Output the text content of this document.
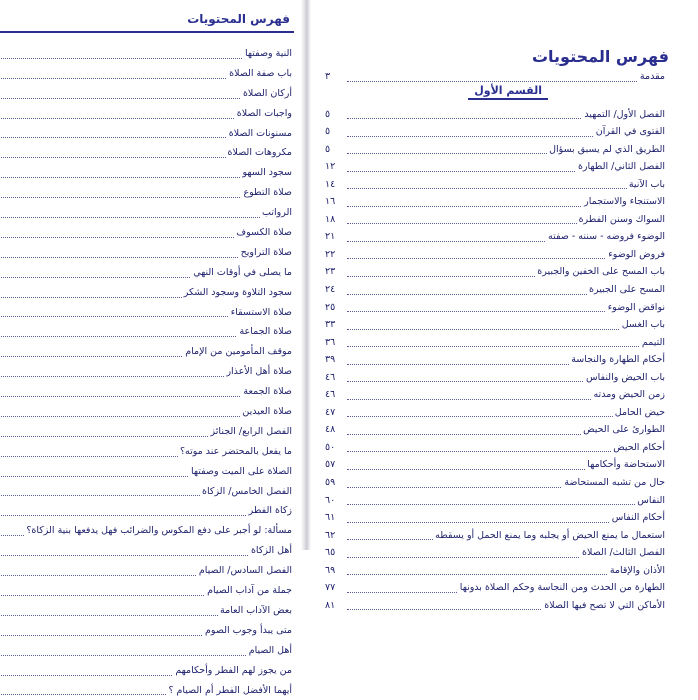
فهرس المحتويات
النية وصفتها
باب صفة الصلاة
أركان الصلاة
واجبات الصلاة
مسنونات الصلاة
مكروهات الصلاة
سجود السهو
صلاة التطوع
الرواتب
صلاة الكسوف
صلاة التراويح
ما يصلى في أوقات النهي
سجود التلاوة وسجود الشكر
صلاة الاستسقاء
صلاة الجماعة
موقف المأمومين من الإمام
صلاة أهل الأعذار
صلاة الجمعة
صلاة العيدين
الفصل الرابع/ الجنائز
ما يفعل بالمحتضر عند موته؟
الصلاة على الميت وصفتها
الفصل الخامس/ الزكاة
زكاة الفطر
مسألة: لو أجبر على دفع المكوس والضرائب فهل يدفعها بنية الزكاة؟
أهل الزكاة
الفصل السادس/ الصيام
جملة من آداب الصيام
بعض الآداب العامة
متى يبدأ وجوب الصوم
أهل الصيام
من يجوز لهم الفطر وأحكامهم
أيهما الأفضل الفطر أم الصيام ؟
فهرس المحتويات
مقدمة
٣
الفصل الأول/ التمهيد
٥
الفتوى في القرآن
٥
الطريق الذي لم يسبق بسؤال
٥
الفصل الثاني/ الطهارة
١٢
باب الآنية
١٤
الاستنجاء والاستجمار
١٦
السواك وسنن الفطرة
١٨
الوضوء فروضه - سننه - صفته
٢١
فروض الوضوء
٢٢
باب المسح على الخفين والجبيرة
٢٣
المسح على الجبيرة
٢٤
نواقض الوضوء
٢٥
باب الغسل
٣٣
التيمم
٣٦
أحكام الطهارة والنجاسة
٣٩
باب الحيض والنفاس
٤٦
زمن الحيض ومدته
٤٦
حيض الحامل
٤٧
الطوارئ على الحيض
٤٨
أحكام الحيض
٥٠
الاستحاضة وأحكامها
٥٧
حال من تشبه المستحاضة
٥٩
النفاس
٦٠
أحكام النفاس
٦١
استعمال ما يمنع الحيض أو يجلبه وما يمنع الحمل أو يسقطه
٦٢
الفصل الثالث/ الصلاة
٦٥
الأذان والإقامة
٦٩
الطهارة من الحدث ومن النجاسة وحكم الصلاة بدونها
٧٧
الأماكن التي لا تصح فيها الصلاة
٨١
القسم الأول
